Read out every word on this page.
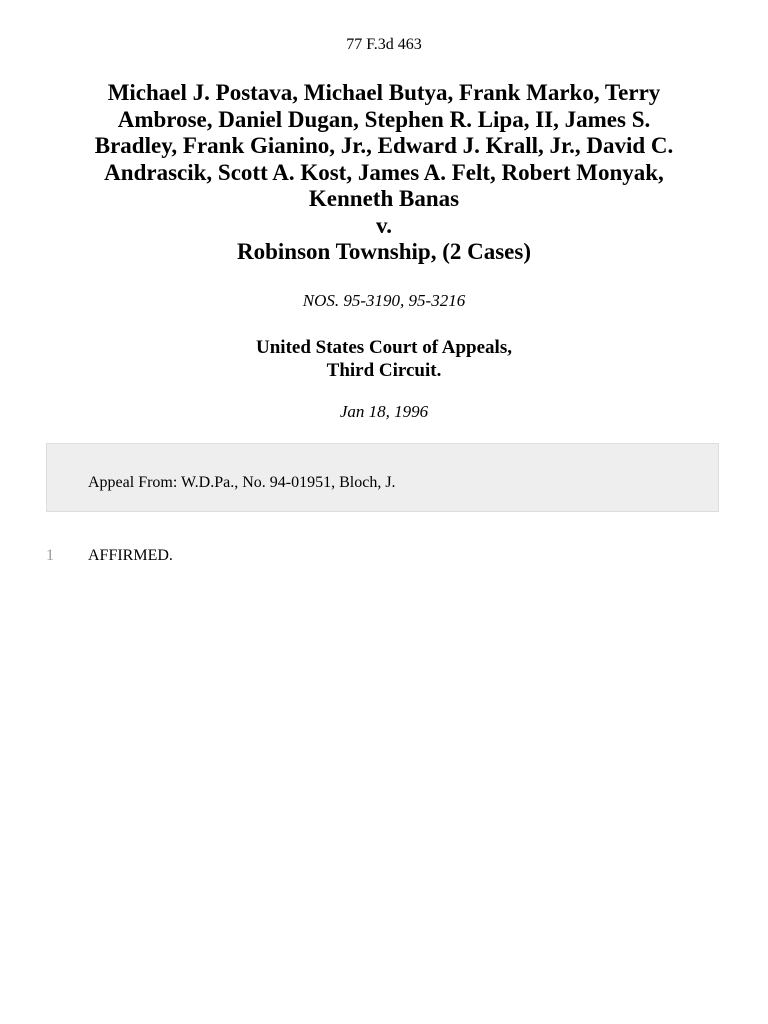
77 F.3d 463
Michael J. Postava, Michael Butya, Frank Marko, Terry
Ambrose, Daniel Dugan, Stephen R. Lipa, II, James S.
Bradley, Frank Gianino, Jr., Edward J. Krall, Jr., David C.
Andrascik, Scott A. Kost, James A. Felt, Robert Monyak,
Kenneth Banas
v.
Robinson Township, (2 Cases)
NOS. 95-3190, 95-3216
United States Court of Appeals,
Third Circuit.
Jan 18, 1996
Appeal From: W.D.Pa., No. 94-01951, Bloch, J.
1 AFFIRMED.
